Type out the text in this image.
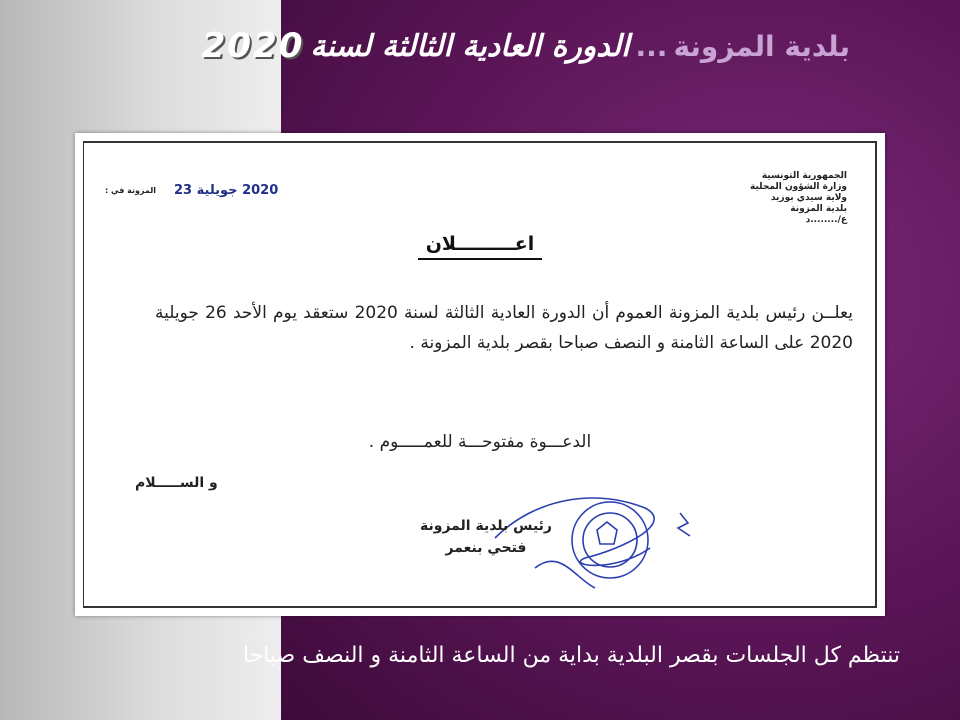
بلدية المزونة
...
الدورة العادية الثالثة لسنة
2020
الجمهورية التونسية
وزارة الشؤون المحلية
ولاية سيدي بوزيد
بلدية المزونة
ع/........د
المزونة في : 2020 جويلية 23
اعـــــــــلان
يعلــن رئيس بلدية المزونة العموم أن الدورة العادية الثالثة لسنة 2020 ستعقد يوم الأحد 26 جويلية 2020 على الساعة الثامنة و النصف صباحا بقصر بلدية المزونة .
الدعـــوة مفتوحـــة للعمـــــوم .
و الســـــلام
رئيس بلدية المزونة
فتحي بنعمر
تنتظم كل الجلسات بقصر البلدية بداية من الساعة الثامنة و النصف صباحا
